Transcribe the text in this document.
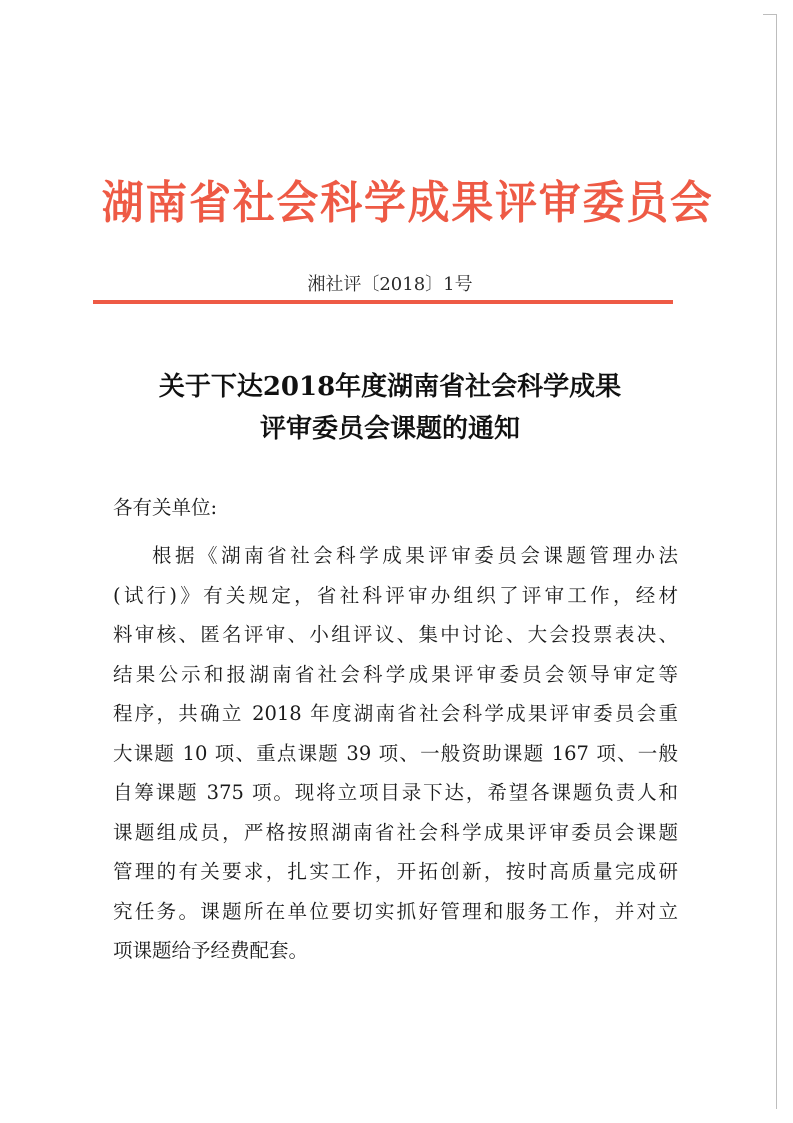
湖南省社会科学成果评审委员会
湘社评〔2018〕1号
关于下达2018年度湖南省社会科学成果
评审委员会课题的通知
各有关单位:
根据《湖南省社会科学成果评审委员会课题管理办法
(试行)》有关规定，省社科评审办组织了评审工作，经材
料审核、匿名评审、小组评议、集中讨论、大会投票表决、
结果公示和报湖南省社会科学成果评审委员会领导审定等
程序，共确立 2018 年度湖南省社会科学成果评审委员会重
大课题 10 项、重点课题 39 项、一般资助课题 167 项、一般
自筹课题 375 项。现将立项目录下达，希望各课题负责人和
课题组成员，严格按照湖南省社会科学成果评审委员会课题
管理的有关要求，扎实工作，开拓创新，按时高质量完成研
究任务。课题所在单位要切实抓好管理和服务工作，并对立
项课题给予经费配套。
